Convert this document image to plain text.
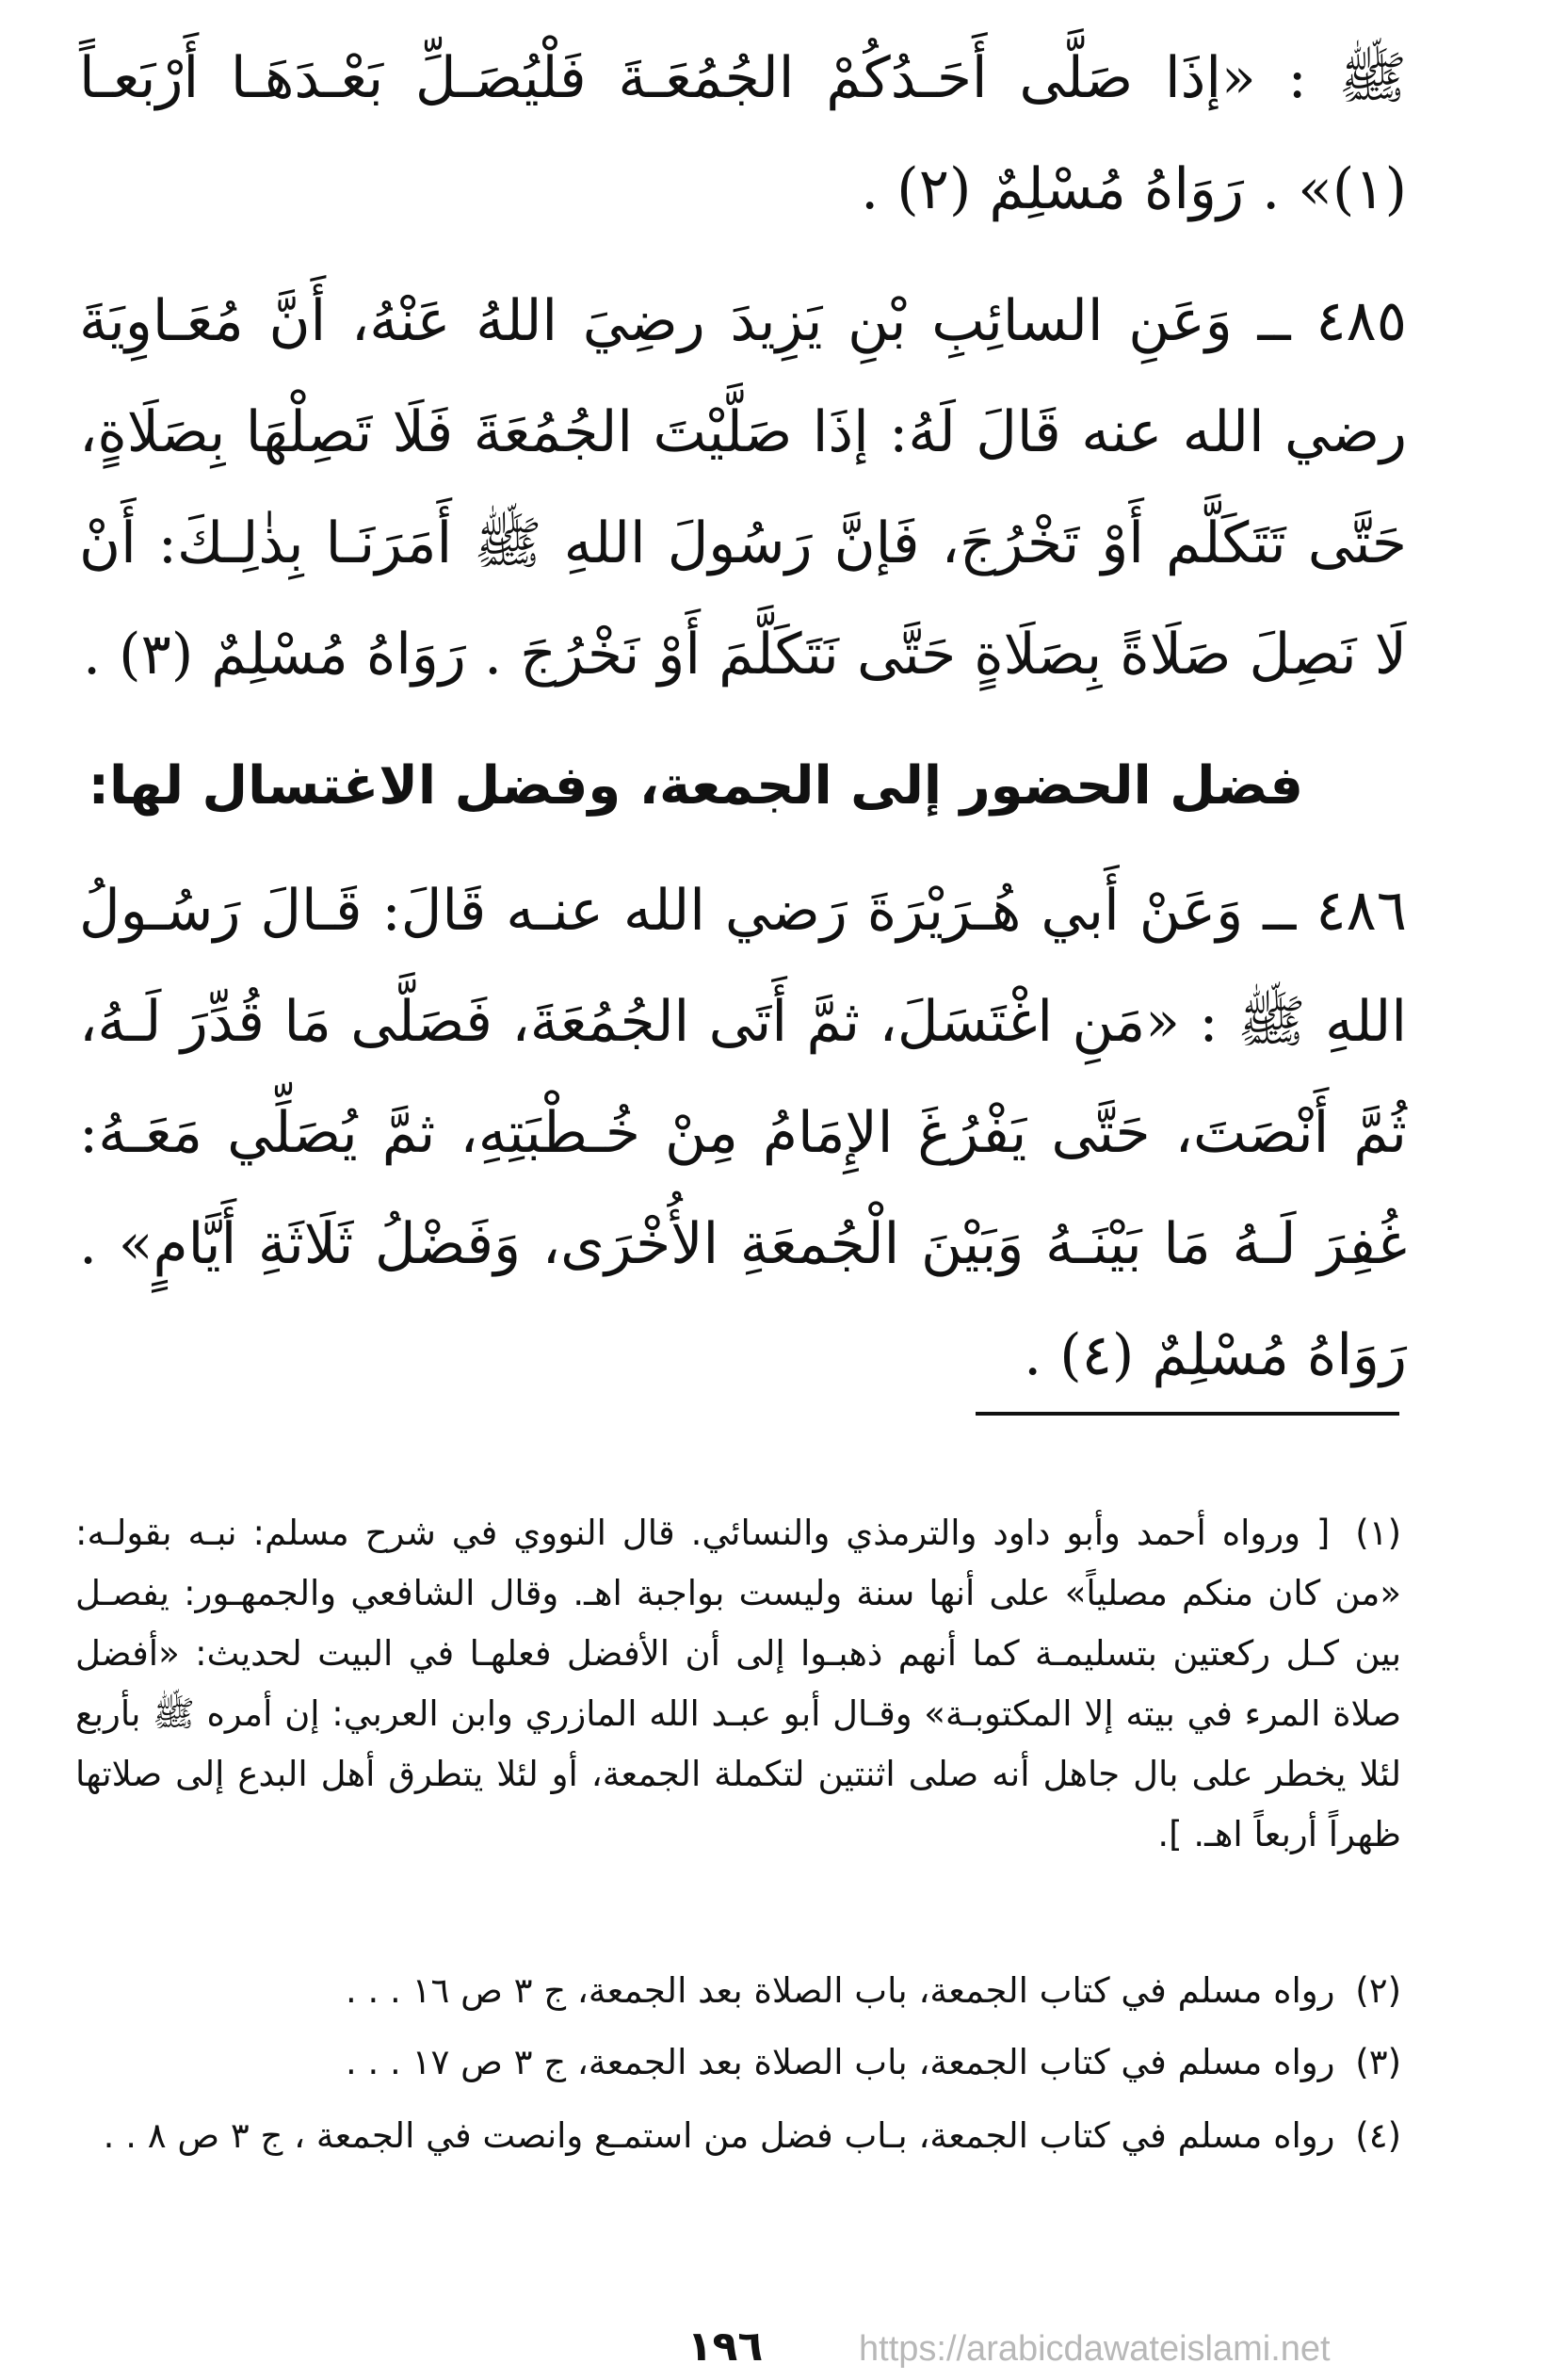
ﷺ : «إذَا صَلَّى أَحَـدُكُمْ الجُمُعَـةَ فَلْيُصَـلِّ بَعْـدَهَـا أَرْبَعـاً (١)» . رَوَاهُ مُسْلِمٌ (٢) .

٤٨٥ ــ وَعَنِ السائِبِ بْنِ يَزِيدَ رضِيَ اللهُ عَنْهُ، أَنَّ مُعَـاوِيَةَ رضي الله عنه قَالَ لَهُ: إذَا صَلَّيْتَ الجُمُعَةَ فَلَا تَصِلْهَا بِصَلَاةٍ، حَتَّى تَتَكَلَّم أَوْ تَخْرُجَ، فَإنَّ رَسُولَ اللهِ ﷺ أَمَرَنَـا بِذٰلِـكَ: أَنْ لَا نَصِلَ صَلَاةً بِصَلَاةٍ حَتَّى نَتَكَلَّمَ أَوْ نَخْرُجَ . رَوَاهُ مُسْلِمٌ (٣) .

فضل الحضور إلى الجمعة، وفضل الاغتسال لها:

٤٨٦ ــ وَعَنْ أَبي هُـرَيْرَةَ رَضي الله عنـه قَالَ: قَـالَ رَسُـولُ اللهِ ﷺ : «مَنِ اغْتَسَلَ، ثمَّ أَتَى الجُمُعَةَ، فَصَلَّى مَا قُدِّرَ لَـهُ، ثُمَّ أَنْصَتَ، حَتَّى يَفْرُغَ الإِمَامُ مِنْ خُـطْبَتِهِ، ثمَّ يُصَلِّي مَعَـهُ: غُفِرَ لَـهُ مَا بَيْنَـهُ وَبَيْنَ الْجُمعَةِ الأُخْرَى، وَفَضْلُ ثَلَاثَةِ أَيَّامٍ» . رَوَاهُ مُسْلِمٌ (٤) .

(١) [ ورواه أحمد وأبو داود والترمذي والنسائي. قال النووي في شرح مسلم: نبـه بقولـه: «من كان منكم مصلياً» على أنها سنة وليست بواجبة اهـ. وقال الشافعي والجمهـور: يفصـل بين كـل ركعتين بتسليمـة كما أنهم ذهبـوا إلى أن الأفضل فعلهـا في البيت لحديث: «أفضل صلاة المرء في بيته إلا المكتوبـة» وقـال أبو عبـد الله المازري وابن العربي: إن أمره ﷺ بأربع لئلا يخطر على بال جاهل أنه صلى اثنتين لتكملة الجمعة، أو لئلا يتطرق أهل البدع إلى صلاتها ظهراً أربعاً اهـ. ].

(٢) رواه مسلم في كتاب الجمعة، باب الصلاة بعد الجمعة، ج ٣ ص ١٦ . . .

(٣) رواه مسلم في كتاب الجمعة، باب الصلاة بعد الجمعة، ج ٣ ص ١٧ . . .

(٤) رواه مسلم في كتاب الجمعة، بـاب فضل من استمـع وانصت في الجمعة ، ج ٣ ص ٨ . .

١٩٦	https://arabicdawateislami.net
